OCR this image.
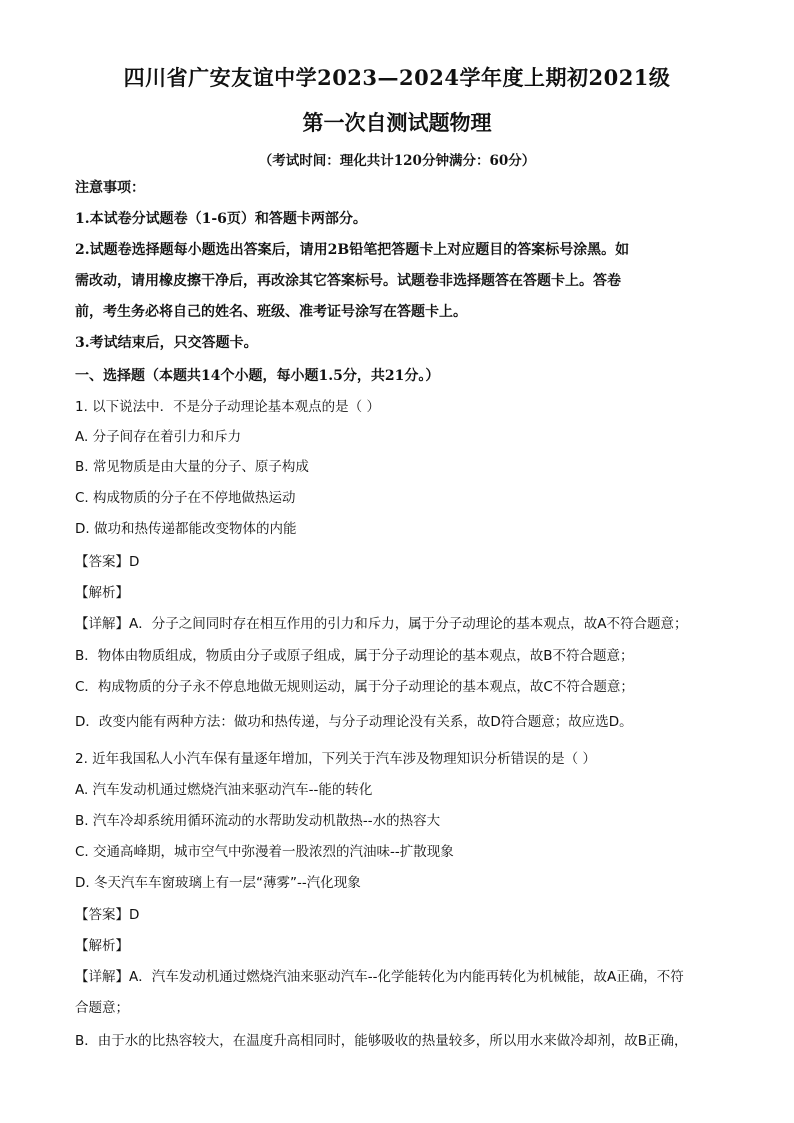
四川省广安友谊中学2023—2024学年度上期初2021级
第一次自测试题物理
（考试时间：理化共计120分钟满分：60分）
注意事项：
1.本试卷分试题卷（1-6页）和答题卡两部分。
2.试题卷选择题每小题选出答案后，请用2B铅笔把答题卡上对应题目的答案标号涂黑。如
需改动，请用橡皮擦干净后，再改涂其它答案标号。试题卷非选择题答在答题卡上。答卷
前，考生务必将自己的姓名、班级、准考证号涂写在答题卡上。
3.考试结束后，只交答题卡。
一、选择题（本题共14个小题，每小题1.5分，共21分。）
1. 以下说法中．不是分子动理论基本观点的是（ ）
A. 分子间存在着引力和斥力
B. 常见物质是由大量的分子、原子构成
C. 构成物质的分子在不停地做热运动
D. 做功和热传递都能改变物体的内能
【答案】D
【解析】
【详解】A．分子之间同时存在相互作用的引力和斥力，属于分子动理论的基本观点，故A不符合题意；
B．物体由物质组成，物质由分子或原子组成，属于分子动理论的基本观点，故B不符合题意；
C．构成物质的分子永不停息地做无规则运动，属于分子动理论的基本观点，故C不符合题意；
D．改变内能有两种方法：做功和热传递，与分子动理论没有关系，故D符合题意；故应选D。
2. 近年我国私人小汽车保有量逐年增加，下列关于汽车涉及物理知识分析错误的是（ ）
A. 汽车发动机通过燃烧汽油来驱动汽车--能的转化
B. 汽车冷却系统用循环流动的水帮助发动机散热--水的热容大
C. 交通高峰期，城市空气中弥漫着一股浓烈的汽油味--扩散现象
D. 冬天汽车车窗玻璃上有一层“薄雾”--汽化现象
【答案】D
【解析】
【详解】A．汽车发动机通过燃烧汽油来驱动汽车--化学能转化为内能再转化为机械能，故A正确，不符
合题意；
B．由于水的比热容较大，在温度升高相同时，能够吸收的热量较多，所以用水来做冷却剂，故B正确，
